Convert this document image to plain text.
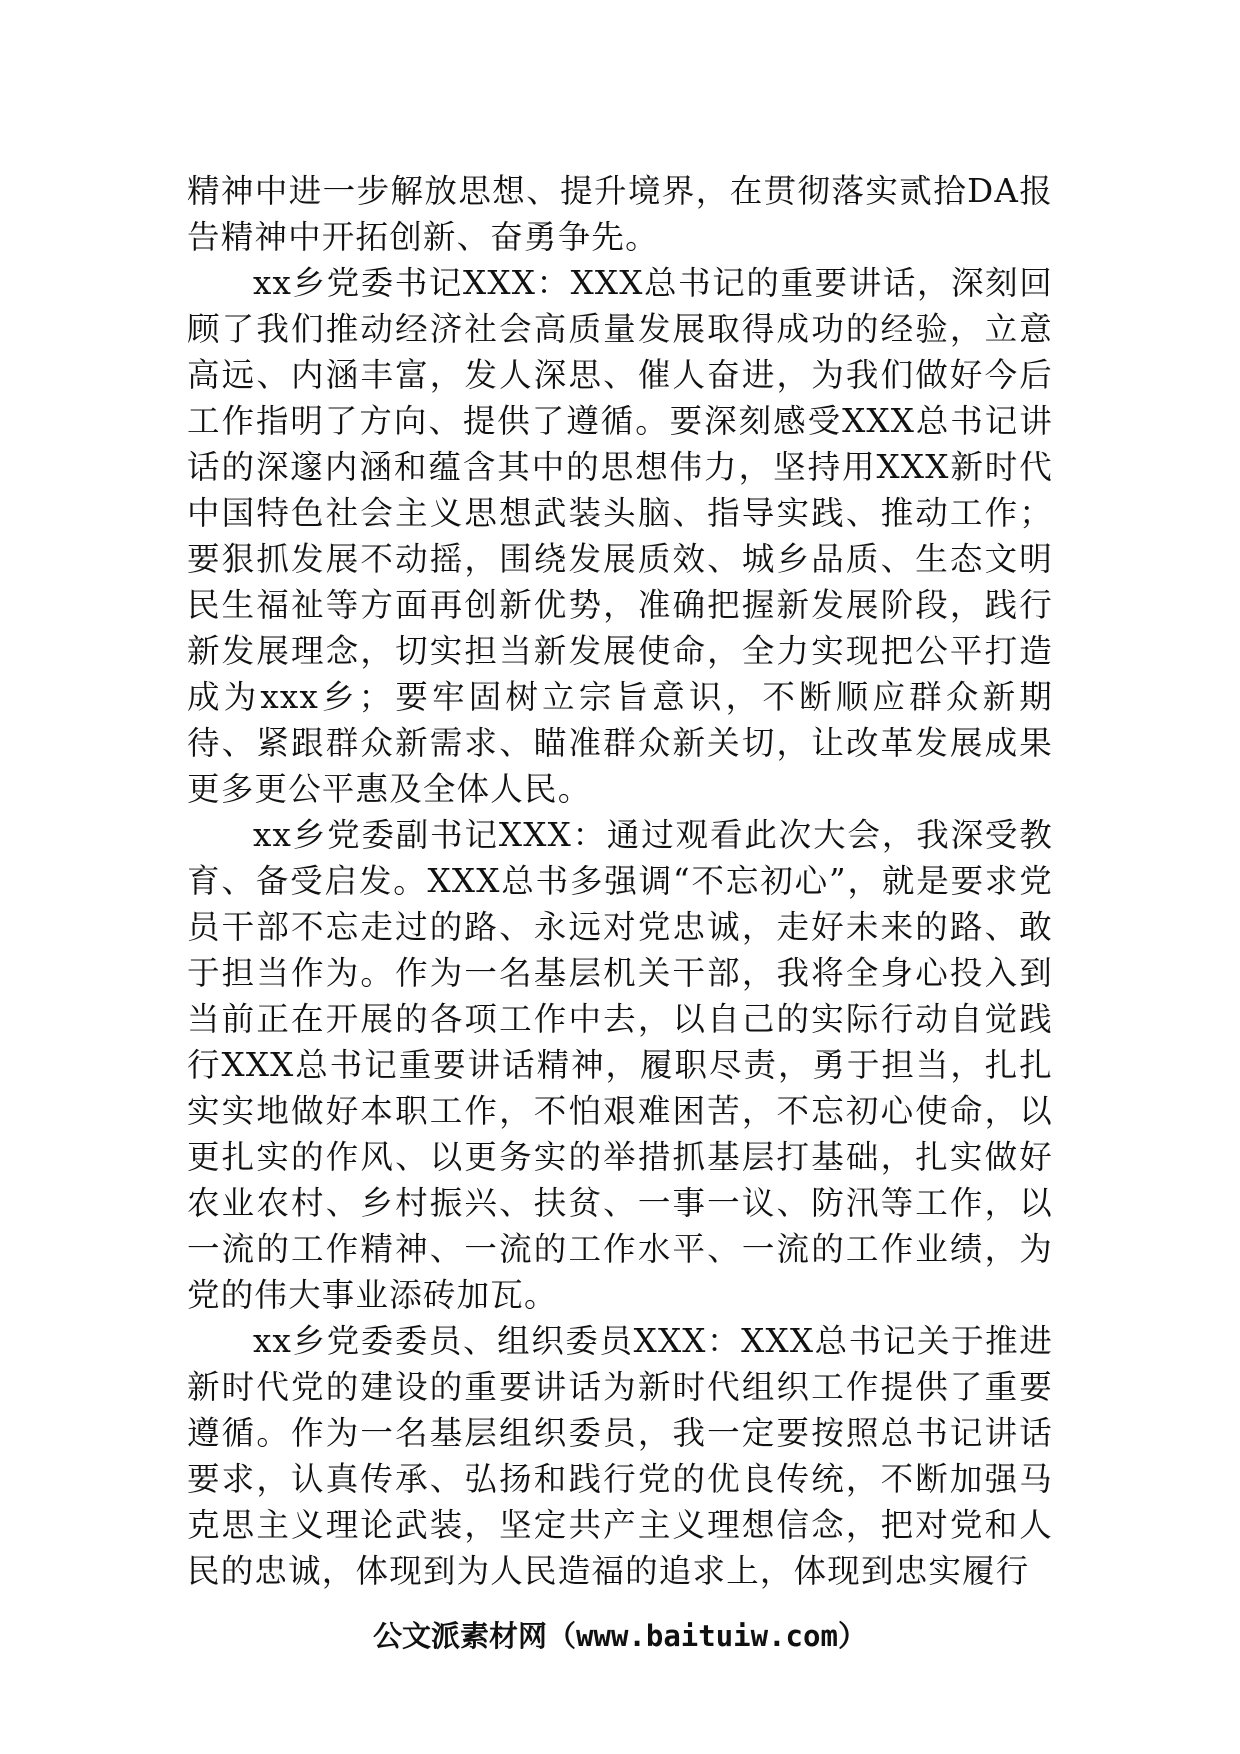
精神中进一步解放思想、提升境界，在贯彻落实贰拾DA报告精神中开拓创新、奋勇争先。

xx乡党委书记XXX：XXX总书记的重要讲话，深刻回顾了我们推动经济社会高质量发展取得成功的经验，立意高远、内涵丰富，发人深思、催人奋进，为我们做好今后工作指明了方向、提供了遵循。要深刻感受XXX总书记讲话的深邃内涵和蕴含其中的思想伟力，坚持用XXX新时代中国特色社会主义思想武装头脑、指导实践、推动工作；要狠抓发展不动摇，围绕发展质效、城乡品质、生态文明民生福祉等方面再创新优势，准确把握新发展阶段，践行新发展理念，切实担当新发展使命，全力实现把公平打造成为xxx乡；要牢固树立宗旨意识，不断顺应群众新期待、紧跟群众新需求、瞄准群众新关切，让改革发展成果更多更公平惠及全体人民。

xx乡党委副书记XXX：通过观看此次大会，我深受教育、备受启发。XXX总书多强调“不忘初心”，就是要求党员干部不忘走过的路、永远对党忠诚，走好未来的路、敢于担当作为。作为一名基层机关干部，我将全身心投入到当前正在开展的各项工作中去，以自己的实际行动自觉践行XXX总书记重要讲话精神，履职尽责，勇于担当，扎扎实实地做好本职工作，不怕艰难困苦，不忘初心使命，以更扎实的作风、以更务实的举措抓基层打基础，扎实做好农业农村、乡村振兴、扶贫、一事一议、防汛等工作，以一流的工作精神、一流的工作水平、一流的工作业绩，为党的伟大事业添砖加瓦。

xx乡党委委员、组织委员XXX：XXX总书记关于推进新时代党的建设的重要讲话为新时代组织工作提供了重要遵循。作为一名基层组织委员，我一定要按照总书记讲话要求，认真传承、弘扬和践行党的优良传统，不断加强马克思主义理论武装，坚定共产主义理想信念，把对党和人民的忠诚，体现到为人民造福的追求上，体现到忠实履行

公文派素材网（www.baituiw.com）
